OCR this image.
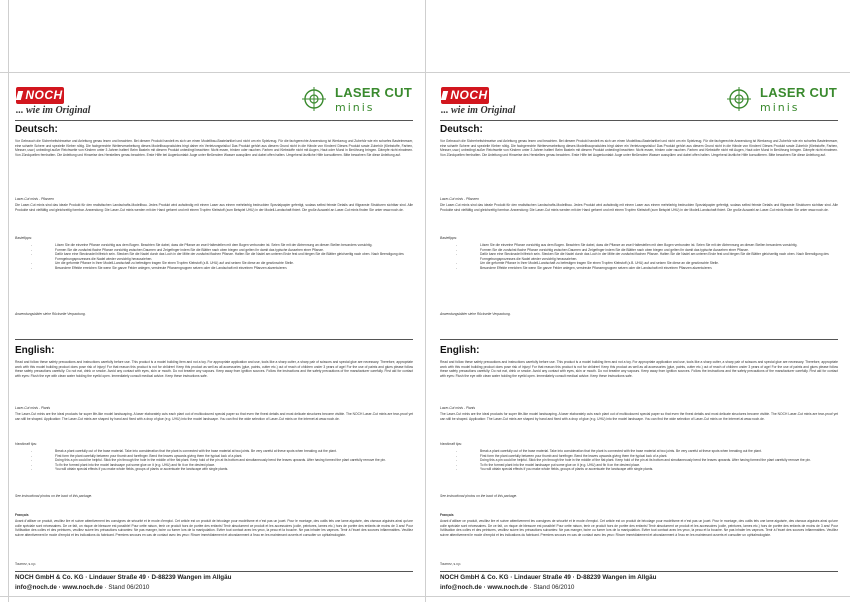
NOCH
... wie im Original
LASER CUT
minis
Deutsch:

Vor Gebrauch die Sicherheitshinweise und Anleitung genau lesen und beachten. Bei diesem Produkt handelt es sich um einen Modellbau-Bastelartikel und nicht um ein Spielzeug. Für die fachgerechte Anwendung ist Werkzeug und Zubehör wie ein scharfes Bastelmesser, eine scharfe Schere und spezielle Kleber nötig. Die fachgerechte Weiterverarbeitung dieses Modellbauproduktes birgt daher ein Verletzungsrisiko! Das Produkt gehört aus diesem Grund nicht in die Hände von Kindern! Dieses Produkt sowie Zubehör (Klebstoffe, Farben, Messer, usw.) unbedingt außer Reichweite von Kindern unter 3 Jahren halten! Beim Basteln mit diesem Produkt unbedingt beachten: Nicht essen, trinken oder rauchen. Farben und Klebstoffe nicht mit Augen, Haut oder Mund in Berührung bringen. Dämpfe nicht einatmen. Von Zündquellen fernhalten. Die Anleitung und Hinweise des Herstellers genau beachten. Erste Hilfe bei Augenkontakt: Auge unter fließendem Wasser ausspülen und dabei offen halten. Umgehend ärztliche Hilfe konsultieren. Bitte bewahren Sie diese Anleitung auf.

Laser-Cut minis - Pflanzen

Die Laser-Cut minis sind das ideale Produkt für den realistischen Landschafts-Modellbau. Jedes Produkt wird aufwändig mit einem Laser aus einem mehrfarbig bedruckten Spezialpapier gefertigt, sodass selbst feinste Details und filigranste Strukturen sichtbar sind. Alle Produkte sind vielfältig und gleichzeitig formbar. Anwendung: Die Laser-Cut minis werden mit der Hand geformt und mit einem Tropfen Klebstoff (zum Beispiel UHU) in der Modell-Landschaft fixiert. Die große Auswahl an Laser-Cut minis finden Sie unter www.noch.de.

Basteltipps:

- Lösen Sie die einzelne Pflanze vorsichtig aus dem Bogen. Beachten Sie dabei, dass die Pflanze an zwei Haltestellen mit dem Bogen verbunden ist. Seien Sie mit der Abtrennung an diesen Stellen besonders vorsichtig.
- Formen Sie die zunächst flache Pflanze vorsichtig zwischen Daumen und Zeigefinger indem Sie die Blätter nach oben biegen und gelten Ihr damit das typische Aussehen einer Pflanze.
- Dafür kann eine Stecknadel hilfreich sein. Stecken Sie die Nadel durch das Loch in der Mitte der zunächst flachen Pflanze. Halten Sie die Nadel am unteren Ende fest und biegen Sie die Blätter gleichzeitig nach oben. Nach Beendigung des Formgebungsprozesses die Nadel wieder vorsichtig herausziehen.
- Um die geformte Pflanze in Ihrer Modell-Landschaft zu befestigen tragen Sie einen Tropfen Klebstoff (z.B. UHU) auf und setzen Sie diese an die gewünschte Stelle.
- Besondere Effekte erreichen Sie wenn Sie ganze Felder anlegen, verstreute Pflanzengruppen setzen oder die Landschaft mit einzelnen Pflanzen akzentuieren.

Anwendungsbilder siehe Rückseite Verpackung.

English:

Read and follow these safety precautions and instructions carefully before use. This product is a model building item and not a toy. For appropriate application and use, tools like a sharp cutter, a sharp pair of scissors and special glue are necessary. Therefore, appropriate work with this model building product does pose risk of injury! For that reason this product is not for children! Keep this product as well as all accessories (glue, paints, cutter etc.) out of reach of children under 3 years of age! For the use of paints and glues please follow these safety precautions carefully: Do not eat, drink or smoke. Avoid any contact with eyes, skin or mouth. Do not breathe any vapours. Keep away from ignition sources. Follow the instructions and the safety precautions of the manufacturer carefully. First aid for contact with eyes: Flush the eye with clean water holding the eyelid open. Immediately consult medical advice. Keep these instructions safe.

Laser-Cut minis - Plants

The Laser-Cut minis are the ideal products for super life-like model landscaping. A laser elaborately cuts each plant out of multicoloured special paper so that even the finest details and most delicate structures become visible. The NOCH Laser-Cut minis are tear-proof yet can still be shaped. Application: The Laser-Cut minis are shaped by hand and fixed with a drop of glue (e.g. UHU) into the model landscape. You can find the wide selection of Laser-Cut minis on the internet at www.noch.de.

Handicraft tips:

- Break a plant carefully out of the base material. Take into consideration that the plant is connected with the base material at two joints. Be very careful at these spots when breaking out the plant.
- First form the plant carefully between your thumb and forefinger. Bend the leaves upwards giving them the typical look of a plant.
- Doing this a pin could be helpful. Stick the pin through the hole in the middle of the flat plant. Keep hold of the pin at its bottom and simultaneously bend the leaves upwards. After having formed the plant carefully remove the pin.
- To fix the formed plant into the model landscape put some glue on it (e.g. UHU) and fix it on the desired place.
- You will obtain special effects if you make whole fields, groups of plants or accentuate the landscape with single plants.

See instructional photos on the back of this package.

Français

Avant d'utiliser ce produit, veuillez lire et suivre attentivement les consignes de sécurité et le mode d'emploi. Cet article est un produit de bricolage pour modélisme et n'est pas un jouet. Pour le montage, des outils tels une lame aiguisée, des ciseaux aiguisés ainsi qu'une colle spéciale sont nécessaires. De ce fait, un risque de blessure est possible! Pour cette raison, tenir ce produit hors de portée des enfants! Tenir absolument ce produit et les accessoires (colle, peintures, lames etc.) hors de portée des enfants de moins de 3 ans! Pour l'utilisation des colles et des peintures, veuillez suivre les précautions suivantes: Ne pas manger, boire ou fumer lors de la manipulation. Eviter tout contact avec les yeux, la peau et la bouche. Ne pas inhaler les vapeurs. Tenir à l'écart des sources inflammables. Veuillez suivre attentivement le mode d'emploi et les indications du fabricant. Premiers secours en cas de contact avec les yeux: Rincer immédiatement et abondamment à l'eau en les maintenant ouverts et consulter un ophtalmologiste.

Tournez, s.v.p.

NOCH GmbH & Co. KG · Lindauer Straße 49 · D-88239 Wangen im Allgäu
info@noch.de · www.noch.de · Stand 06/2010
NOCH
... wie im Original
LASER CUT
minis
Deutsch:

Vor Gebrauch die Sicherheitshinweise und Anleitung genau lesen und beachten. Bei diesem Produkt handelt es sich um einen Modellbau-Bastelartikel und nicht um ein Spielzeug. Für die fachgerechte Anwendung ist Werkzeug und Zubehör wie ein scharfes Bastelmesser, eine scharfe Schere und spezielle Kleber nötig. Die fachgerechte Weiterverarbeitung dieses Modellbauproduktes birgt daher ein Verletzungsrisiko! Das Produkt gehört aus diesem Grund nicht in die Hände von Kindern! Dieses Produkt sowie Zubehör (Klebstoffe, Farben, Messer, usw.) unbedingt außer Reichweite von Kindern unter 3 Jahren halten! Beim Basteln mit diesem Produkt unbedingt beachten: Nicht essen, trinken oder rauchen. Farben und Klebstoffe nicht mit Augen, Haut oder Mund in Berührung bringen. Dämpfe nicht einatmen. Von Zündquellen fernhalten. Die Anleitung und Hinweise des Herstellers genau beachten. Erste Hilfe bei Augenkontakt: Auge unter fließendem Wasser ausspülen und dabei offen halten. Umgehend ärztliche Hilfe konsultieren. Bitte bewahren Sie diese Anleitung auf.

Laser-Cut minis - Pflanzen

Die Laser-Cut minis sind das ideale Produkt für den realistischen Landschafts-Modellbau. Jedes Produkt wird aufwändig mit einem Laser aus einem mehrfarbig bedruckten Spezialpapier gefertigt, sodass selbst feinste Details und filigranste Strukturen sichtbar sind. Alle Produkte sind vielfältig und gleichzeitig formbar. Anwendung: Die Laser-Cut minis werden mit der Hand geformt und mit einem Tropfen Klebstoff (zum Beispiel UHU) in der Modell-Landschaft fixiert. Die große Auswahl an Laser-Cut minis finden Sie unter www.noch.de.

Basteltipps:

- Lösen Sie die einzelne Pflanze vorsichtig aus dem Bogen. Beachten Sie dabei, dass die Pflanze an zwei Haltestellen mit dem Bogen verbunden ist. Seien Sie mit der Abtrennung an diesen Stellen besonders vorsichtig.
- Formen Sie die zunächst flache Pflanze vorsichtig zwischen Daumen und Zeigefinger indem Sie die Blätter nach oben biegen und gelten Ihr damit das typische Aussehen einer Pflanze.
- Dafür kann eine Stecknadel hilfreich sein. Stecken Sie die Nadel durch das Loch in der Mitte der zunächst flachen Pflanze. Halten Sie die Nadel am unteren Ende fest und biegen Sie die Blätter gleichzeitig nach oben. Nach Beendigung des Formgebungsprozesses die Nadel wieder vorsichtig herausziehen.
- Um die geformte Pflanze in Ihrer Modell-Landschaft zu befestigen tragen Sie einen Tropfen Klebstoff (z.B. UHU) auf und setzen Sie diese an die gewünschte Stelle.
- Besondere Effekte erreichen Sie wenn Sie ganze Felder anlegen, verstreute Pflanzengruppen setzen oder die Landschaft mit einzelnen Pflanzen akzentuieren.

Anwendungsbilder siehe Rückseite Verpackung.

English:

Read and follow these safety precautions and instructions carefully before use. This product is a model building item and not a toy. For appropriate application and use, tools like a sharp cutter, a sharp pair of scissors and special glue are necessary. Therefore, appropriate work with this model building product does pose risk of injury! For that reason this product is not for children! Keep this product as well as all accessories (glue, paints, cutter etc.) out of reach of children under 3 years of age! For the use of paints and glues please follow these safety precautions carefully: Do not eat, drink or smoke. Avoid any contact with eyes, skin or mouth. Do not breathe any vapours. Keep away from ignition sources. Follow the instructions and the safety precautions of the manufacturer carefully. First aid for contact with eyes: Flush the eye with clean water holding the eyelid open. Immediately consult medical advice. Keep these instructions safe.

Laser-Cut minis - Plants

The Laser-Cut minis are the ideal products for super life-like model landscaping. A laser elaborately cuts each plant out of multicoloured special paper so that even the finest details and most delicate structures become visible. The NOCH Laser-Cut minis are tear-proof yet can still be shaped. Application: The Laser-Cut minis are shaped by hand and fixed with a drop of glue (e.g. UHU) into the model landscape. You can find the wide selection of Laser-Cut minis on the internet at www.noch.de.

Handicraft tips:

- Break a plant carefully out of the base material. Take into consideration that the plant is connected with the base material at two joints. Be very careful at these spots when breaking out the plant.
- First form the plant carefully between your thumb and forefinger. Bend the leaves upwards giving them the typical look of a plant.
- Doing this a pin could be helpful. Stick the pin through the hole in the middle of the flat plant. Keep hold of the pin at its bottom and simultaneously bend the leaves upwards. After having formed the plant carefully remove the pin.
- To fix the formed plant into the model landscape put some glue on it (e.g. UHU) and fix it on the desired place.
- You will obtain special effects if you make whole fields, groups of plants or accentuate the landscape with single plants.

See instructional photos on the back of this package.

Français

Avant d'utiliser ce produit, veuillez lire et suivre attentivement les consignes de sécurité et le mode d'emploi. Cet article est un produit de bricolage pour modélisme et n'est pas un jouet. Pour le montage, des outils tels une lame aiguisée, des ciseaux aiguisés ainsi qu'une colle spéciale sont nécessaires. De ce fait, un risque de blessure est possible! Pour cette raison, tenir ce produit hors de portée des enfants! Tenir absolument ce produit et les accessoires (colle, peintures, lames etc.) hors de portée des enfants de moins de 3 ans! Pour l'utilisation des colles et des peintures, veuillez suivre les précautions suivantes: Ne pas manger, boire ou fumer lors de la manipulation. Eviter tout contact avec les yeux, la peau et la bouche. Ne pas inhaler les vapeurs. Tenir à l'écart des sources inflammables. Veuillez suivre attentivement le mode d'emploi et les indications du fabricant. Premiers secours en cas de contact avec les yeux: Rincer immédiatement et abondamment à l'eau en les maintenant ouverts et consulter un ophtalmologiste.

Tournez, s.v.p.

NOCH GmbH & Co. KG · Lindauer Straße 49 · D-88239 Wangen im Allgäu
info@noch.de · www.noch.de · Stand 06/2010
